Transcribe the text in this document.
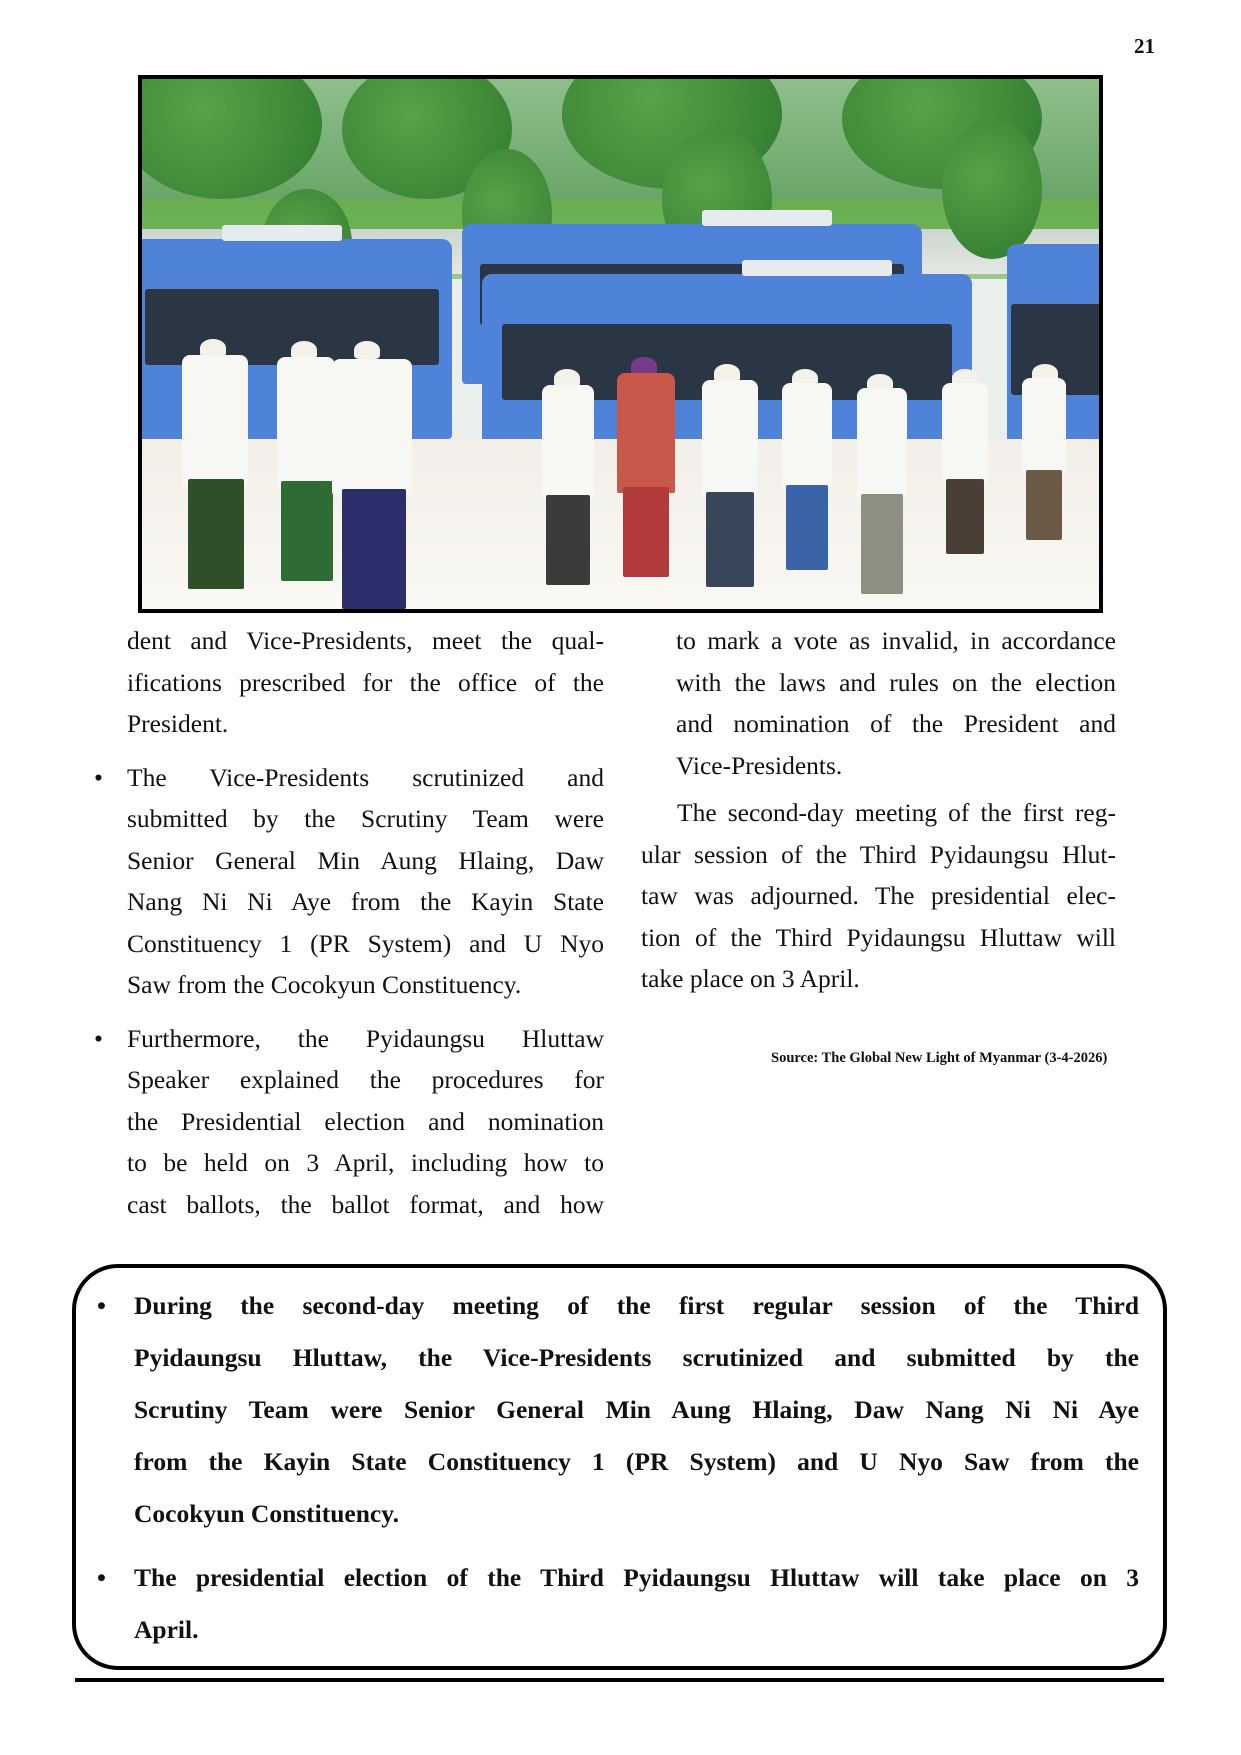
21

dent and Vice-Presidents, meet the qual-
ifications prescribed for the office of the
President.

• The Vice-Presidents scrutinized and
submitted by the Scrutiny Team were
Senior General Min Aung Hlaing, Daw
Nang Ni Ni Aye from the Kayin State
Constituency 1 (PR System) and U Nyo
Saw from the Cocokyun Constituency.

• Furthermore, the Pyidaungsu Hluttaw
Speaker explained the procedures for
the Presidential election and nomination
to be held on 3 April, including how to
cast ballots, the ballot format, and how

to mark a vote as invalid, in accordance
with the laws and rules on the election
and nomination of the President and
Vice-Presidents.

The second-day meeting of the first reg-
ular session of the Third Pyidaungsu Hlut-
taw was adjourned. The presidential elec-
tion of the Third Pyidaungsu Hluttaw will
take place on 3 April.

Source: The Global New Light of Myanmar (3-4-2026)
• During the second-day meeting of the first regular session of the Third
Pyidaungsu Hluttaw, the Vice-Presidents scrutinized and submitted by the
Scrutiny Team were Senior General Min Aung Hlaing, Daw Nang Ni Ni Aye
from the Kayin State Constituency 1 (PR System) and U Nyo Saw from the
Cocokyun Constituency.
• The presidential election of the Third Pyidaungsu Hluttaw will take place on 3
April.
